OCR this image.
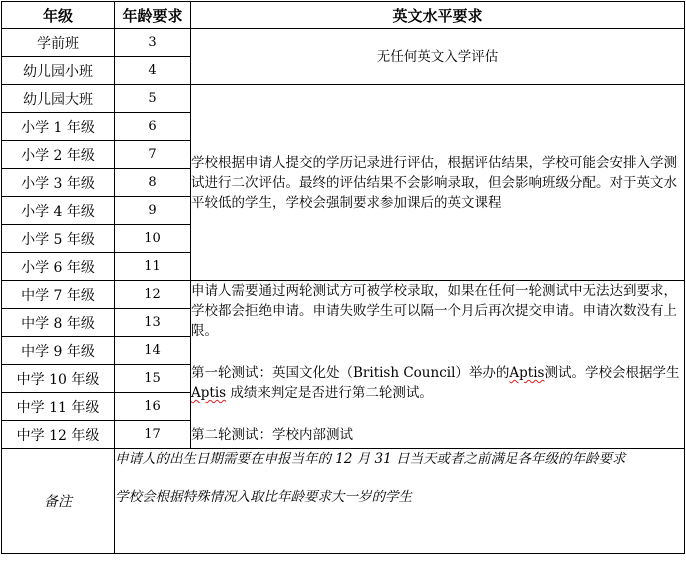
年级	年龄要求	英文水平要求
学前班	3	无任何英文入学评估
幼儿园小班	4	
幼儿园大班	5	学校根据申请人提交的学历记录进行评估，根据评估结果，学校可能会安排入学测试进行二次评估。最终的评估结果不会影响录取，但会影响班级分配。对于英文水平较低的学生，学校会强制要求参加课后的英文课程
小学 1 年级	6	
小学 2 年级	7	
小学 3 年级	8	
小学 4 年级	9	
小学 5 年级	10	
小学 6 年级	11	
中学 7 年级	12	申请人需要通过两轮测试方可被学校录取，如果在任何一轮测试中无法达到要求，学校都会拒绝申请。申请失败学生可以隔一个月后再次提交申请。申请次数没有上限。
第一轮测试：英国文化处（British Council）举办的Aptis测试。学校会根据学生 Aptis 成绩来判定是否进行第二轮测试。
第二轮测试：学校内部测试

中学 8 年级	13	
中学 9 年级	14	
中学 10 年级	15	
中学 11 年级	16	
中学 12 年级	17	
备注	申请人的出生日期需要在申报当年的 12 月 31 日当天或者之前满足各年级的年龄要求
学校会根据特殊情况入取比年龄要求大一岁的学生	
